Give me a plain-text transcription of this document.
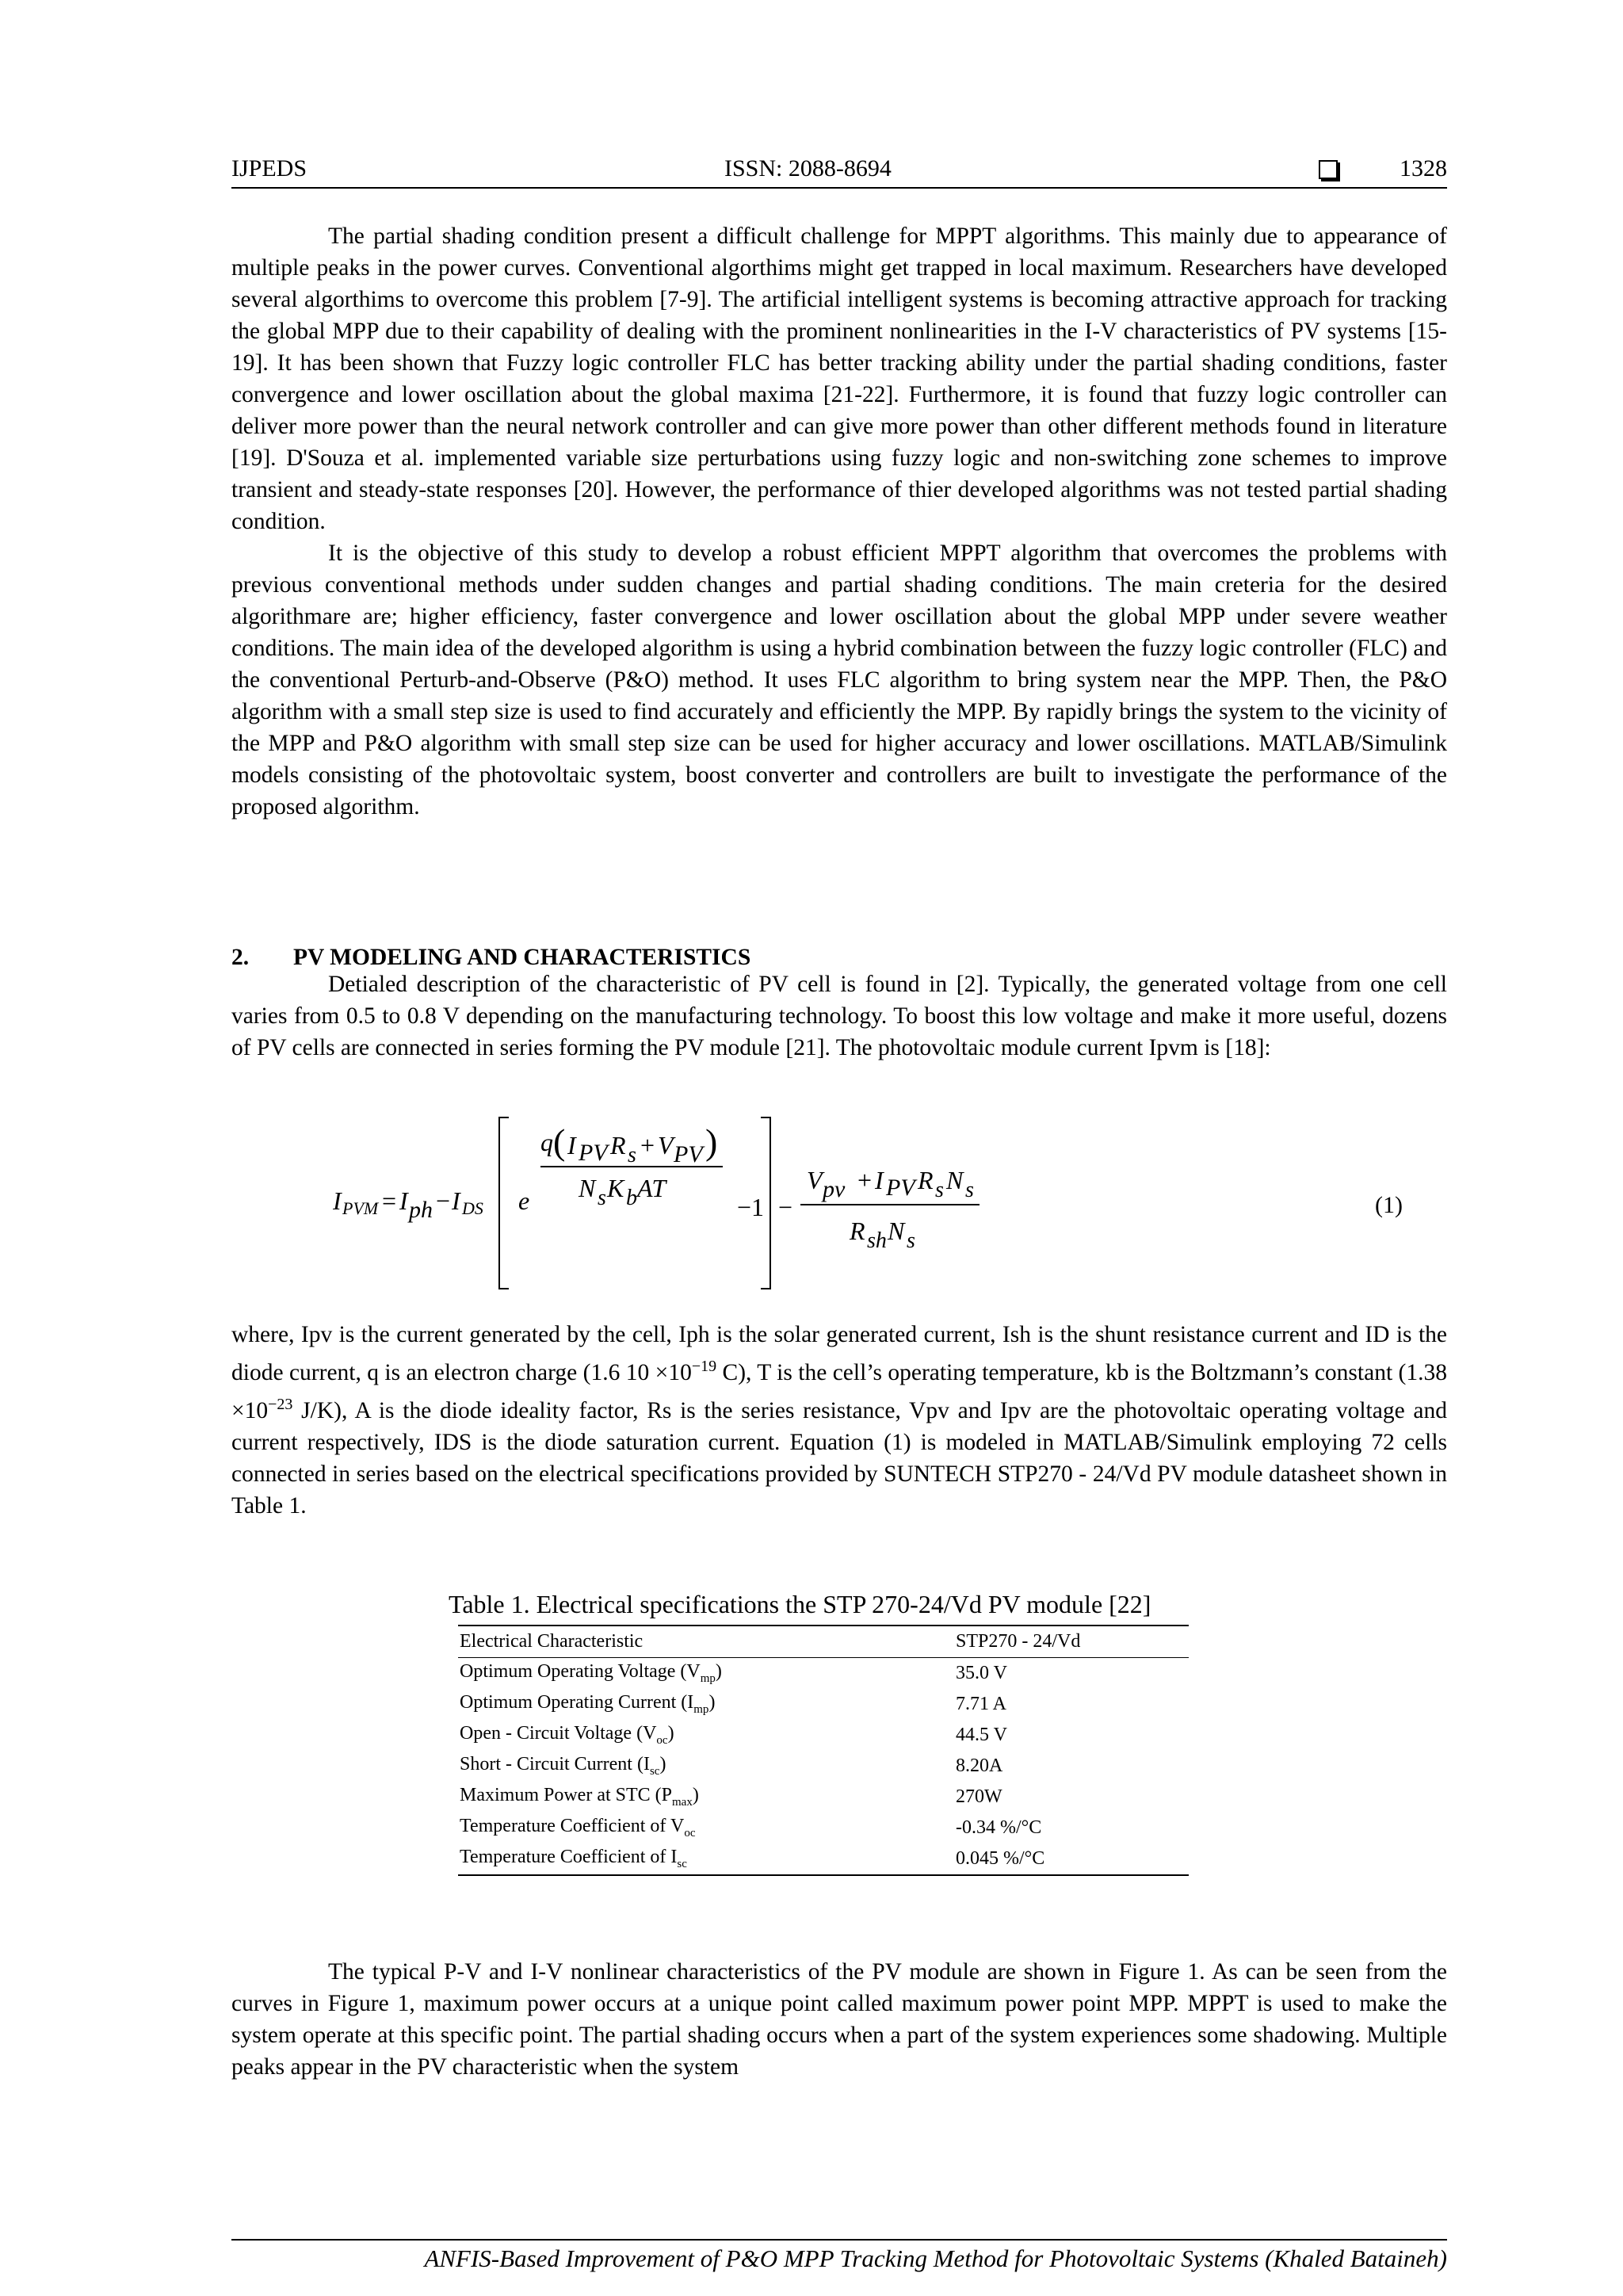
IJPEDS	ISSN: 2088-8694	1328
The partial shading condition present a difficult challenge for MPPT algorithms. This mainly due to appearance of multiple peaks in the power curves. Conventional algorthims might get trapped in local maximum. Researchers have developed several algorthims to overcome this problem [7-9]. The artificial intelligent systems is becoming attractive approach for tracking the global MPP due to their capability of dealing with the prominent nonlinearities in the I-V characteristics of PV systems [15-19]. It has been shown that Fuzzy logic controller FLC has better tracking ability under the partial shading conditions, faster convergence and lower oscillation about the global maxima [21-22]. Furthermore, it is found that fuzzy logic controller can deliver more power than the neural network controller and can give more power than other different methods found in literature [19]. D'Souza et al. implemented variable size perturbations using fuzzy logic and non-switching zone schemes to improve transient and steady-state responses [20]. However, the performance of thier developed algorithms was not tested partial shading condition.
It is the objective of this study to develop a robust efficient MPPT algorithm that overcomes the problems with previous conventional methods under sudden changes and partial shading conditions. The main creteria for the desired algorithmare are; higher efficiency, faster convergence and lower oscillation about the global MPP under severe weather conditions. The main idea of the developed algorithm is using a hybrid combination between the fuzzy logic controller (FLC) and the conventional Perturb-and-Observe (P&O) method. It uses FLC algorithm to bring system near the MPP. Then, the P&O algorithm with a small step size is used to find accurately and efficiently the MPP. By rapidly brings the system to the vicinity of the MPP and P&O algorithm with small step size can be used for higher accuracy and lower oscillations. MATLAB/Simulink models consisting of the photovoltaic system, boost converter and controllers are built to investigate the performance of the proposed algorithm.
2. PV MODELING AND CHARACTERISTICS
Detialed description of the characteristic of PV cell is found in [2]. Typically, the generated voltage from one cell varies from 0.5 to 0.8 V depending on the manufacturing technology. To boost this low voltage and make it more useful, dozens of PV cells are connected in series forming the PV module [21]. The photovoltaic module current Ipvm is [18]:
I PVM = I ph − I DS e
q ( I PV R s + V PV )
N s K b AT
−1 −
V pv + I PV R s N s
R sh N s
(1)
where, Ipv is the current generated by the cell, Iph is the solar generated current, Ish is the shunt resistance current and ID is the diode current, q is an electron charge (1.6 $10 \times 10^{-19}$ C), T is the cell’s operating temperature, kb is the Boltzmann’s constant ($1.38 \times 10^{-23}$ J/K), A is the diode ideality factor, Rs is the series resistance, Vpv and Ipv are the photovoltaic operating voltage and current respectively, IDS is the diode saturation current. Equation (1) is modeled in MATLAB/Simulink employing 72 cells connected in series based on the electrical specifications provided by SUNTECH STP270 - 24/Vd PV module datasheet shown in Table 1.
Table 1. Electrical specifications the STP 270-24/Vd PV module [22]
Electrical Characteristic	STP270 - 24/Vd
Optimum Operating Voltage $(V_{mp})$	35.0 V
Optimum Operating Current $(I_{mp})$	7.71 A
Open - Circuit Voltage $(V_{oc})$	44.5 V
Short - Circuit Current $(I_{sc})$	8.20A
Maximum Power at STC $(P_{max})$	270W
Temperature Coefficient of $V_{oc}$	-0.34 %/°C
Temperature Coefficient of $I_{sc}$	0.045 %/°C
The typical P-V and I-V nonlinear characteristics of the PV module are shown in Figure 1. As can be seen from the curves in Figure 1, maximum power occurs at a unique point called maximum power point MPP. MPPT is used to make the system operate at this specific point. The partial shading occurs when a part of the system experiences some shadowing. Multiple peaks appear in the PV characteristic when the system
ANFIS-Based Improvement of P&O MPP Tracking Method for Photovoltaic Systems (Khaled Bataineh)
